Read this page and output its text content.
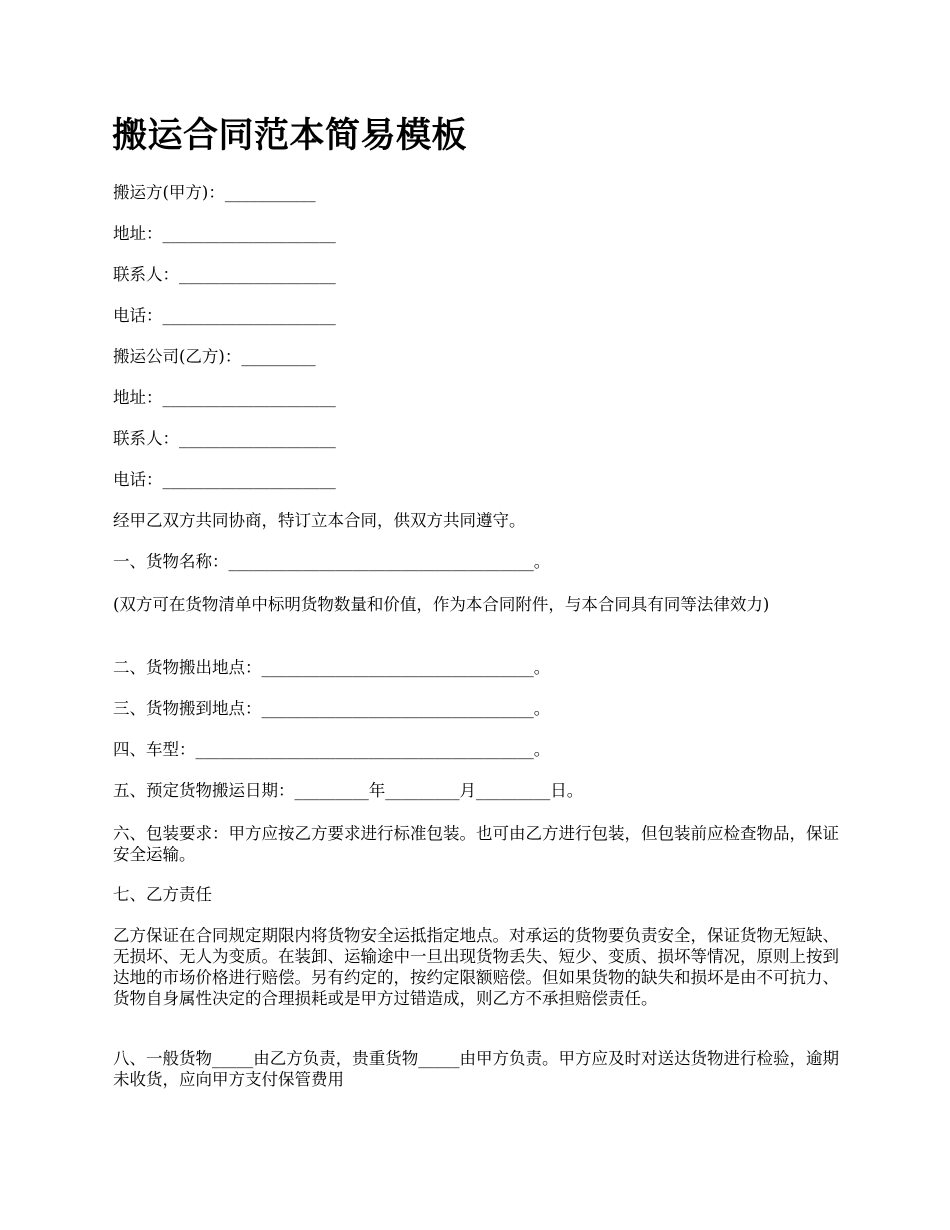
搬运合同范本简易模板

搬运方(甲方)：___________

地址：_____________________

联系人：___________________

电话：_____________________

搬运公司(乙方)：_________

地址：_____________________

联系人：___________________

电话：_____________________

经甲乙双方共同协商，特订立本合同，供双方共同遵守。

一、货物名称：_____________________________________。

(双方可在货物清单中标明货物数量和价值，作为本合同附件，与本合同具有同等法律效力)

二、货物搬出地点：_________________________________。

三、货物搬到地点：_________________________________。

四、车型：_________________________________________。

五、预定货物搬运日期：_________年_________月_________日。

六、包装要求：甲方应按乙方要求进行标准包装。也可由乙方进行包装，但包装前应检查物品，保证安全运输。

七、乙方责任

乙方保证在合同规定期限内将货物安全运抵指定地点。对承运的货物要负责安全，保证货物无短缺、无损坏、无人为变质。在装卸、运输途中一旦出现货物丢失、短少、变质、损坏等情况，原则上按到达地的市场价格进行赔偿。另有约定的，按约定限额赔偿。但如果货物的缺失和损坏是由不可抗力、货物自身属性决定的合理损耗或是甲方过错造成，则乙方不承担赔偿责任。

八、一般货物_____由乙方负责，贵重货物_____由甲方负责。甲方应及时对送达货物进行检验，逾期未收货，应向甲方支付保管费用
